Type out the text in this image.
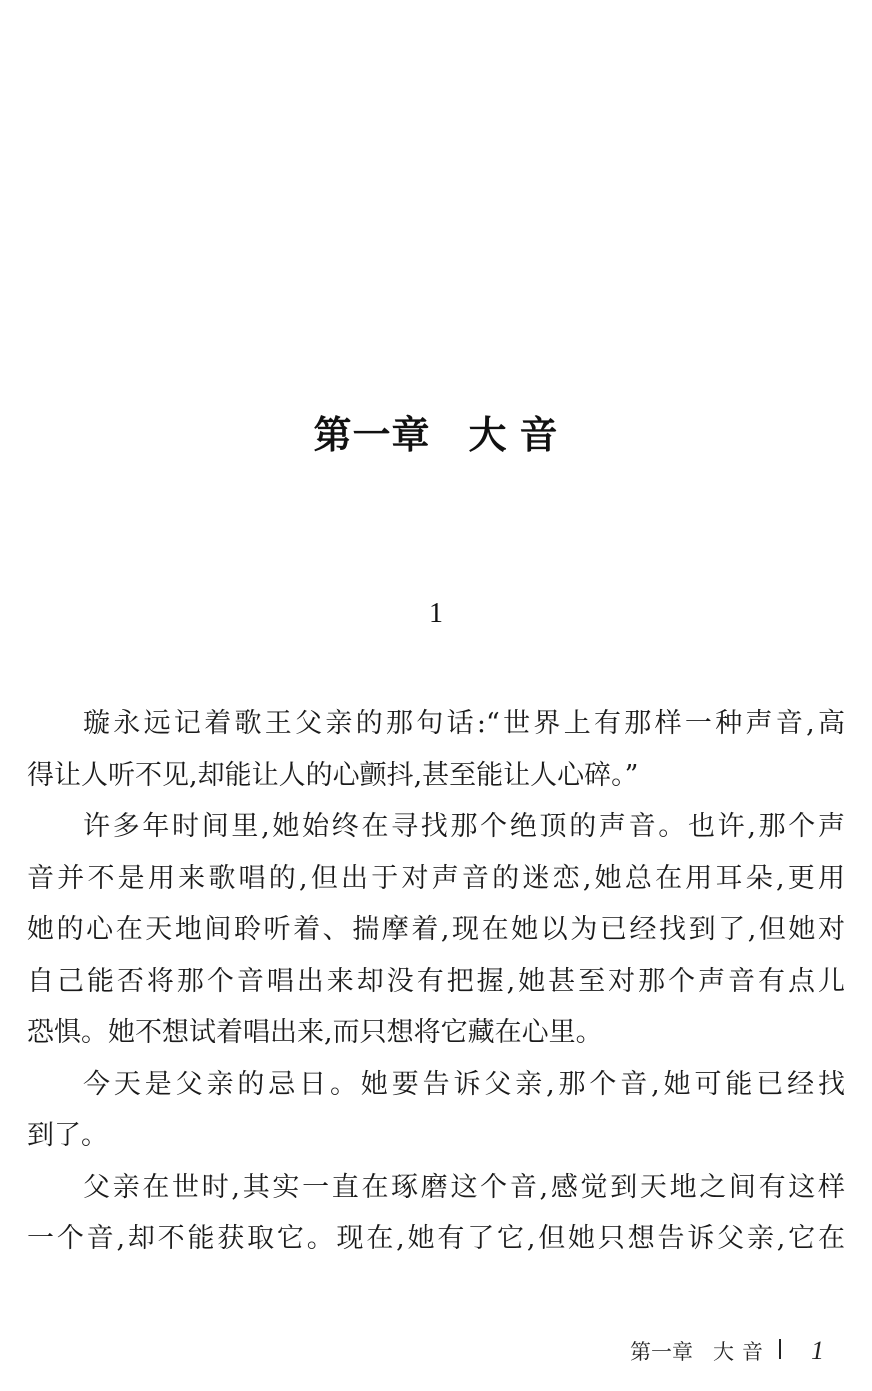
第一章 大 音
1
璇永远记着歌王父亲的那句话:“世界上有那样一种声音,高
得让人听不见,却能让人的心颤抖,甚至能让人心碎。”
许多年时间里,她始终在寻找那个绝顶的声音。也许,那个声
音并不是用来歌唱的,但出于对声音的迷恋,她总在用耳朵,更用
她的心在天地间聆听着、揣摩着,现在她以为已经找到了,但她对
自己能否将那个音唱出来却没有把握,她甚至对那个声音有点儿
恐惧。她不想试着唱出来,而只想将它藏在心里。
今天是父亲的忌日。她要告诉父亲,那个音,她可能已经找
到了。
父亲在世时,其实一直在琢磨这个音,感觉到天地之间有这样
一个音,却不能获取它。现在,她有了它,但她只想告诉父亲,它在
第一章 大 音 1
